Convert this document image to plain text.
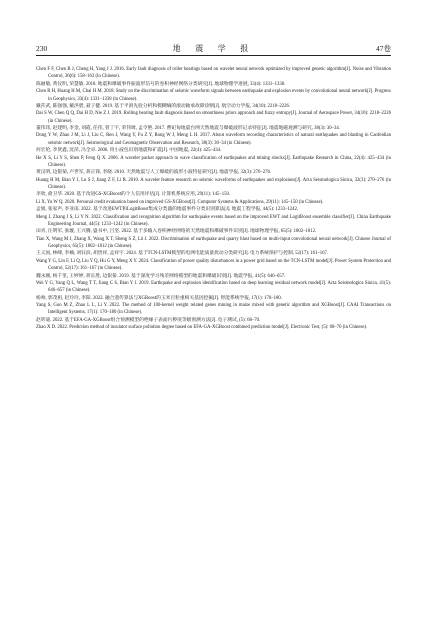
230	地 震 学 报	47卷

Chen F F, Chen B J, Cheng H, Yang J J. 2016. Early fault diagnosis of roller bearings based on wavelet neural network optimized by improved genetic algorithm[J]. Noise and Vibration Control, 36(6): 158–163 (in Chinese).

陈丽敏, 黄仪明, 荣慧敏. 2018. 地震和爆破事件振波形信号的卷积神经网络分类研究[J]. 地球物理学进展, 33(4): 1331–1338.

Chen R H, Huang H M, Chai H M. 2018. Study on the discrimination of seismic waveform signals between earthquake and explosion events by convolutional neural network[J]. Progress in Geophysics, 33(4): 1331–1338 (in Chinese).

戴莎武, 陈强强, 戴洪碧, 聂子健. 2019. 基于平滑先验分析和模糊熵的滚动轴承故障诊断[J]. 航空动力学报, 34(10): 2218–2226.

Dai S W, Chen Q Q, Dai H D, Nie Z J. 2019. Rolling bearing fault diagnosis based on smoothness priors approach and fuzzy entropy[J]. Journal of Aerospace Power, 34(10): 2218–2226 (in Chinese).

董伟玮, 赵建明, 李金, 刘霞, 任伟, 曾丁宇, 荣伟姆, 孟令艳. 2017. 曹妃甸地震台网天然地震与爆破波形记录特征[J]. 地震地磁观测与研究, 38(3): 30–34.

Dong Y W, Zhao J M, Li J, Liu C, Ren J, Wang Y, Fu Z Y, Rong W J, Meng L H. 2017. About waveform recording characteristics of natural earthquakes and blasting in Caofeidian seismic network[J]. Seismological and Geomagnetic Observation and Research, 38(3): 30–34 (in Chinese).

何宏伦, 李贤鑫, 沈萍, 冯全卓. 2006. 用小波包识别地震和矿震[J]. 中国地震, 22(4): 425–434.

He X S, Li Y S, Shen P, Feng Q X. 2006. A wavelet packet approach to wave classification of earthquakes and mining shocks[J]. Earthquake Research in China, 22(4): 425–434 (in Chinese).

黄汉明, 边银菊, 卢世军, 蒋正锋, 李晓. 2010. 天然地震与人工爆破的波形小波特征研究[J]. 地震学报, 32(3): 270–276.

Huang H M, Bian Y J, Lu S J, Jiang Z F, Li R. 2010. A wavelet feature research on seismic waveforms of earthquakes and explosions[J]. Acta Seismologica Sinica, 32(3): 270–276 (in Chinese).

李欣, 俞卫华. 2020. 基于改进GS-XGBoost的个人信用评估[J]. 计算机系统应用, 29(11): 145–150.

Li X, Yu W Q. 2020. Personal credit evaluation based on improved GS-XGBoost[J]. Computer Systems & Applications, 29(11): 145–150 (in Chinese).

孟娟, 张家声, 李亚南. 2022. 基于改进EWT和LogitBoost集成分类器的地震事件分类识别算法[J]. 地震工程学报, 44(5): 1233–1242.

Meng J, Zhang J S, Li Y N. 2022. Classification and recognition algorithm for earthquake events based on the improved EWT and LogitBoost ensemble classifier[J]. China Earthquake Engineering Journal, 44(5): 1233–1242 (in Chinese).

田宵, 汪明军, 张璇, 王兴腾, 盛书中, 吕坚. 2022. 基于多输入卷积神经网络的天然地震和爆破事件识别[J]. 地球物理学报, 65(5): 1802–1812.

Tian X, Wang M J, Zhang X, Wang X T, Sheng S Z, Lü J. 2022. Discrimination of earthquake and quarry blast based on multi-input convolutional neural network[J]. Chinese Journal of Geophysics, 65(5): 1802–1812 (in Chinese).

王义国, 林峰, 李楠, 刘钰滨, 胡贵祥, 孟祥宇. 2024. 基于TCN-LSTM模型的电网电能质量扰动分类研究[J]. 电力系统保护与控制, 52(17): 161–167.

Wang Y G, Lin F, Li Q, Liu Y Q, Hu G Y, Meng X Y. 2024. Classification of power quality disturbances in a power grid based on the TCN-LSTM model[J]. Power System Protection and Control, 52(17): 161–167 (in Chinese).

魏永刚, 杨千里, 王婷婷, 蒋长胜, 边银菊. 2019. 基于深度学习残差网络模型的地震和爆破识别[J]. 地震学报, 41(5): 646–657.

Wei Y G, Yang Q L, Wang T T, Jiang C S, Bian Y J. 2019. Earthquake and explosion identification based on deep learning residual network model[J]. Acta Seismologica Sinica, 41(5): 646–657 (in Chinese).

杨帅, 郭茂祖, 赵玲玲, 李阳. 2022. 融合遗传算法与XGBoost的玉米百粒重相关基因挖掘[J]. 智能系统学报, 17(1): 170–180.

Yang S, Guo M Z, Zhao L L, Li Y. 2022. The method of 100-kernel weight related genes mining in maize mixed with genetic algorithm and XGBoost[J]. CAAI Transactions on Intelligent Systems, 17(1): 170–180 (in Chinese).

赵昕迪. 2022. 基于EFA-GA-XGBoost组合预测模型的绝缘子表面污秽度等级预测方法[J]. 电子测试, (5): 68–70.

Zhao X D. 2022. Prediction method of insulator surface pollution degree based on EFA-GA-XGBoost combined prediction model[J]. Electronic Test, (5): 68–70 (in Chinese).
